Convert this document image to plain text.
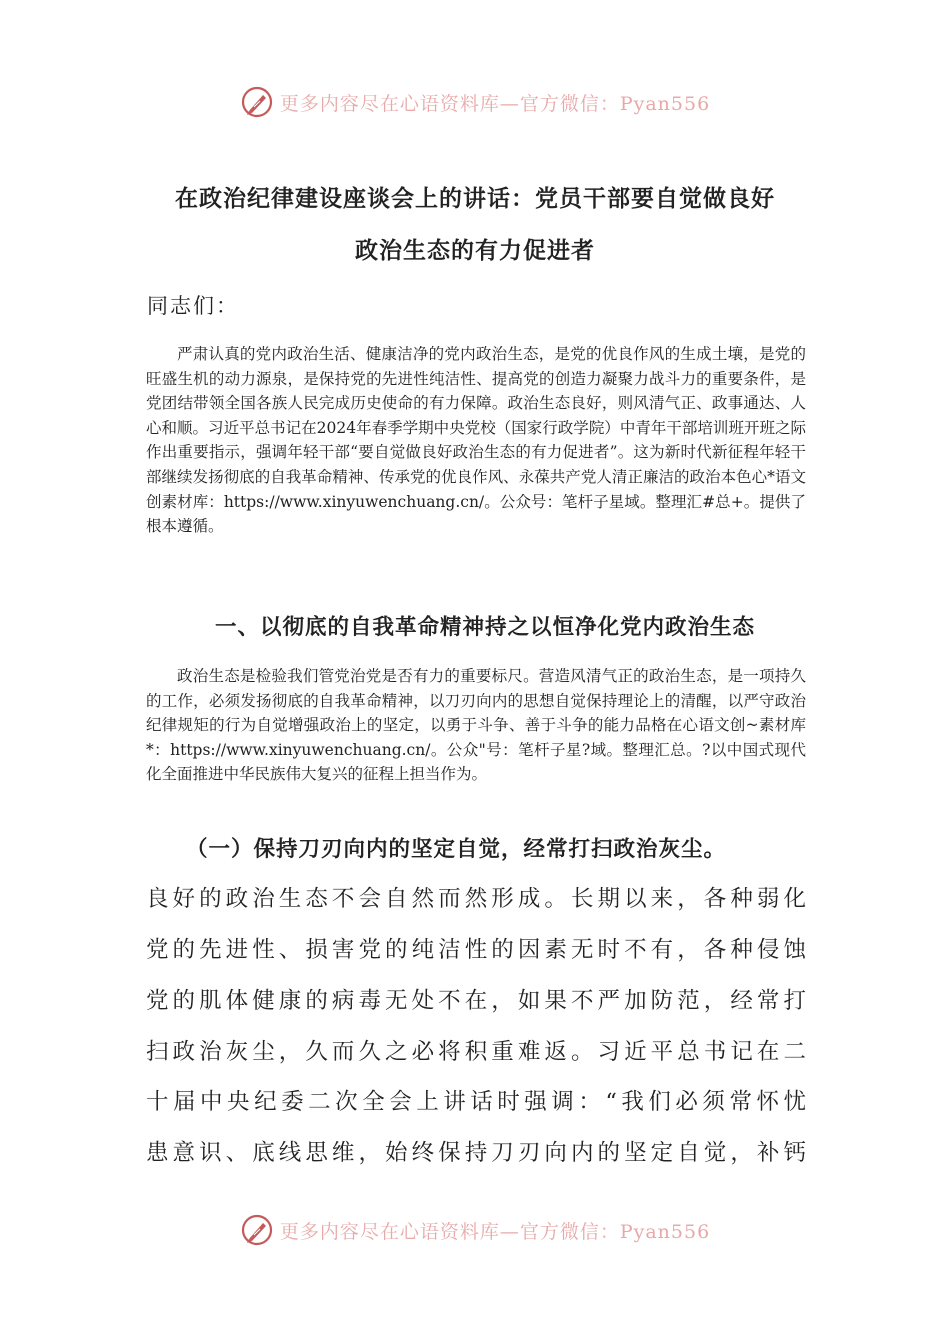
更多内容尽在心语资料库—官方微信：Pyan556
在政治纪律建设座谈会上的讲话：党员干部要自觉做良好
政治生态的有力促进者
同志们：

严肃认真的党内政治生活、健康洁净的党内政治生态，是党的优良作风的生成土壤，是党的旺盛生机的动力源泉，是保持党的先进性纯洁性、提高党的创造力凝聚力战斗力的重要条件，是党团结带领全国各族人民完成历史使命的有力保障。政治生态良好，则风清气正、政事通达、人心和顺。习近平总书记在2024年春季学期中央党校（国家行政学院）中青年干部培训班开班之际作出重要指示，强调年轻干部“要自觉做良好政治生态的有力促进者”。这为新时代新征程年轻干部继续发扬彻底的自我革命精神、传承党的优良作风、永葆共产党人清正廉洁的政治本色心*语文创素材库：https://www.xinyuwenchuang.cn/。公众号：笔杆子星域。整理汇#总+。提供了根本遵循。

一、以彻底的自我革命精神持之以恒净化党内政治生态

政治生态是检验我们管党治党是否有力的重要标尺。营造风清气正的政治生态，是一项持久的工作，必须发扬彻底的自我革命精神，以刀刃向内的思想自觉保持理论上的清醒，以严守政治纪律规矩的行为自觉增强政治上的坚定，以勇于斗争、善于斗争的能力品格在心语文创~素材库*：https://www.xinyuwenchuang.cn/。公众"号：笔杆子星?域。整理汇总。?以中国式现代化全面推进中华民族伟大复兴的征程上担当作为。

（一）保持刀刃向内的坚定自觉，经常打扫政治灰尘。
良好的政治生态不会自然而然形成。长期以来，各种弱化
党的先进性、损害党的纯洁性的因素无时不有，各种侵蚀
党的肌体健康的病毒无处不在，如果不严加防范，经常打
扫政治灰尘，久而久之必将积重难返。习近平总书记在二
十届中央纪委二次全会上讲话时强调：“我们必须常怀忧
患意识、底线思维，始终保持刀刃向内的坚定自觉，补钙
更多内容尽在心语资料库—官方微信：Pyan556
